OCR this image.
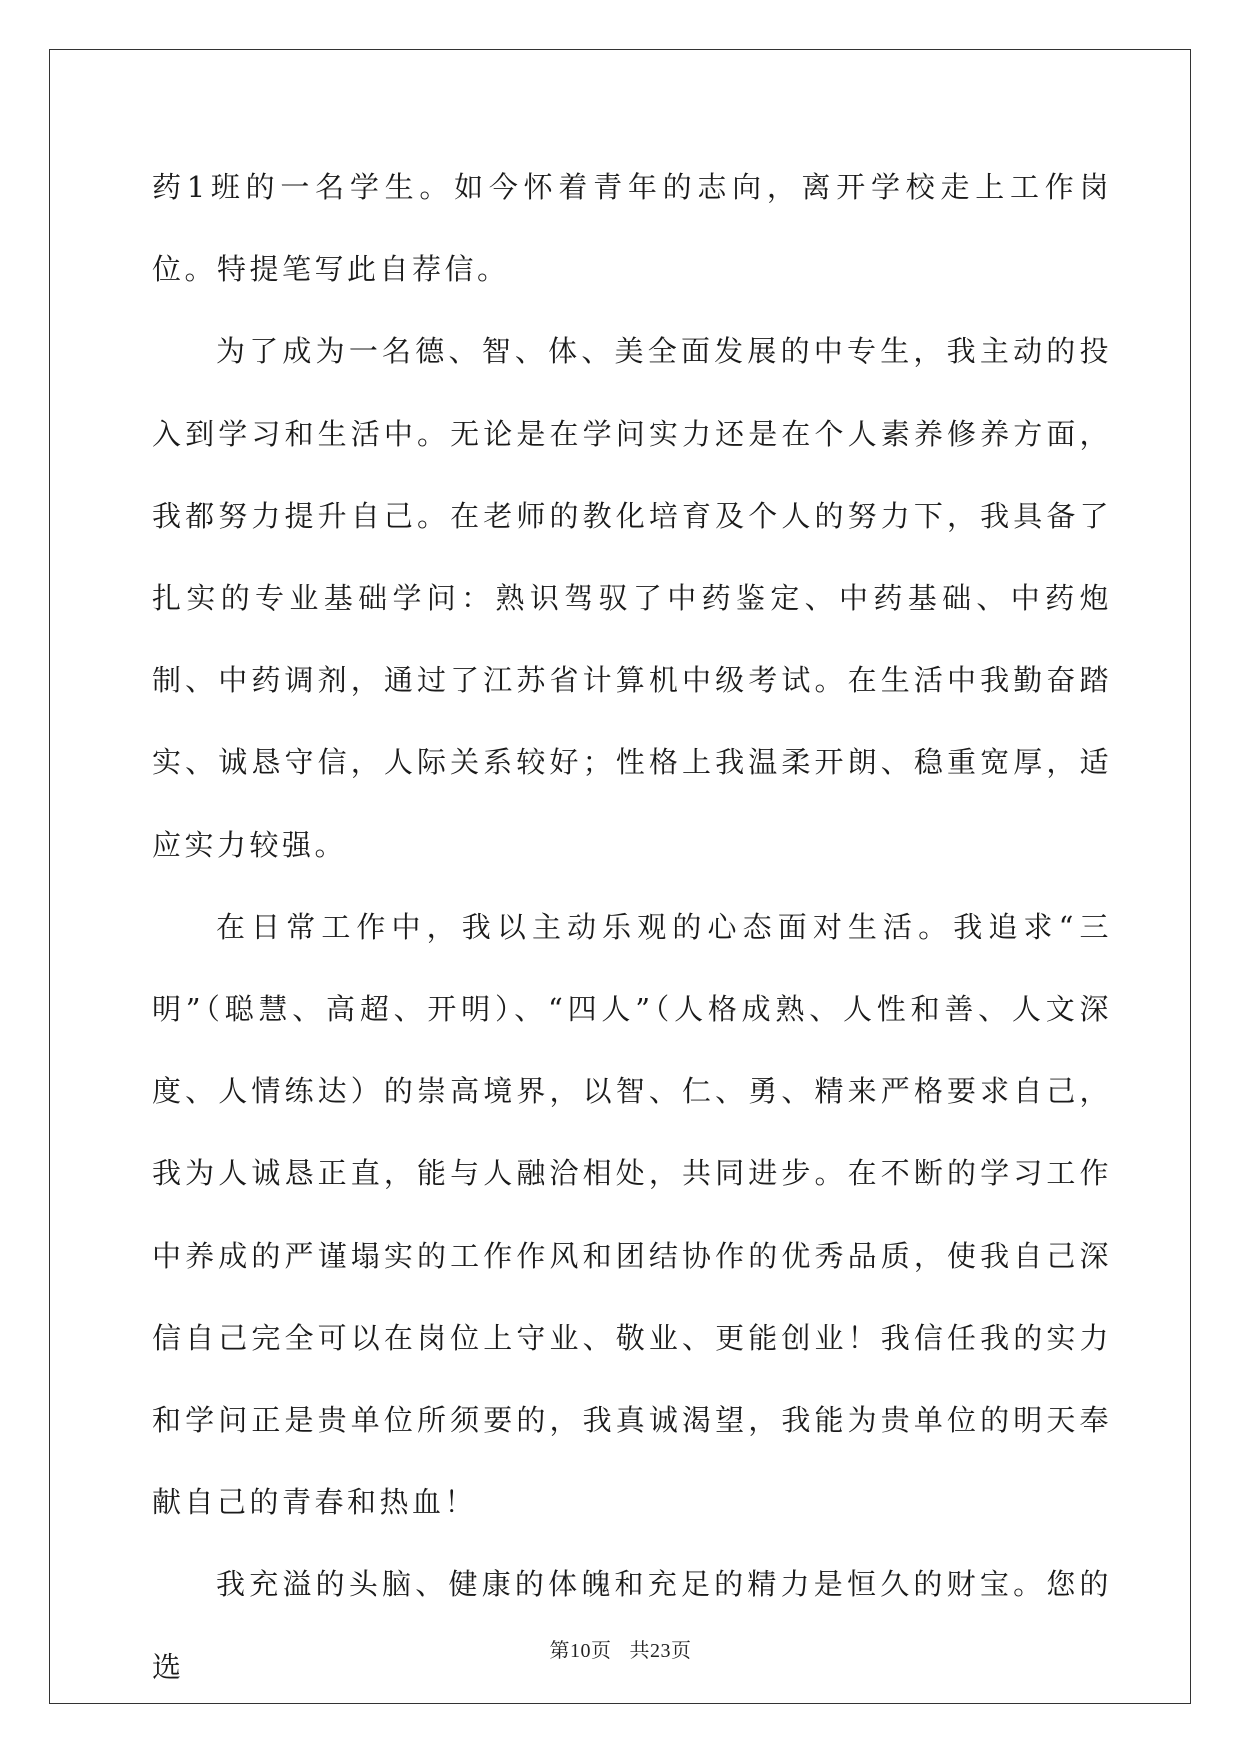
药1班的一名学生。如今怀着青年的志向，离开学校走上工作岗位。特提笔写此自荐信。

为了成为一名德、智、体、美全面发展的中专生，我主动的投入到学习和生活中。无论是在学问实力还是在个人素养修养方面，我都努力提升自己。在老师的教化培育及个人的努力下，我具备了扎实的专业基础学问：熟识驾驭了中药鉴定、中药基础、中药炮制、中药调剂，通过了江苏省计算机中级考试。在生活中我勤奋踏实、诚恳守信，人际关系较好；性格上我温柔开朗、稳重宽厚，适应实力较强。

在日常工作中，我以主动乐观的心态面对生活。我追求“三明”（聪慧、高超、开明）、“四人”（人格成熟、人性和善、人文深度、人情练达）的崇高境界，以智、仁、勇、精来严格要求自己，我为人诚恳正直，能与人融洽相处，共同进步。在不断的学习工作中养成的严谨塌实的工作作风和团结协作的优秀品质，使我自己深信自己完全可以在岗位上守业、敬业、更能创业！我信任我的实力和学问正是贵单位所须要的，我真诚渴望，我能为贵单位的明天奉献自己的青春和热血！

我充溢的头脑、健康的体魄和充足的精力是恒久的财宝。您的选	第10页 共23页
